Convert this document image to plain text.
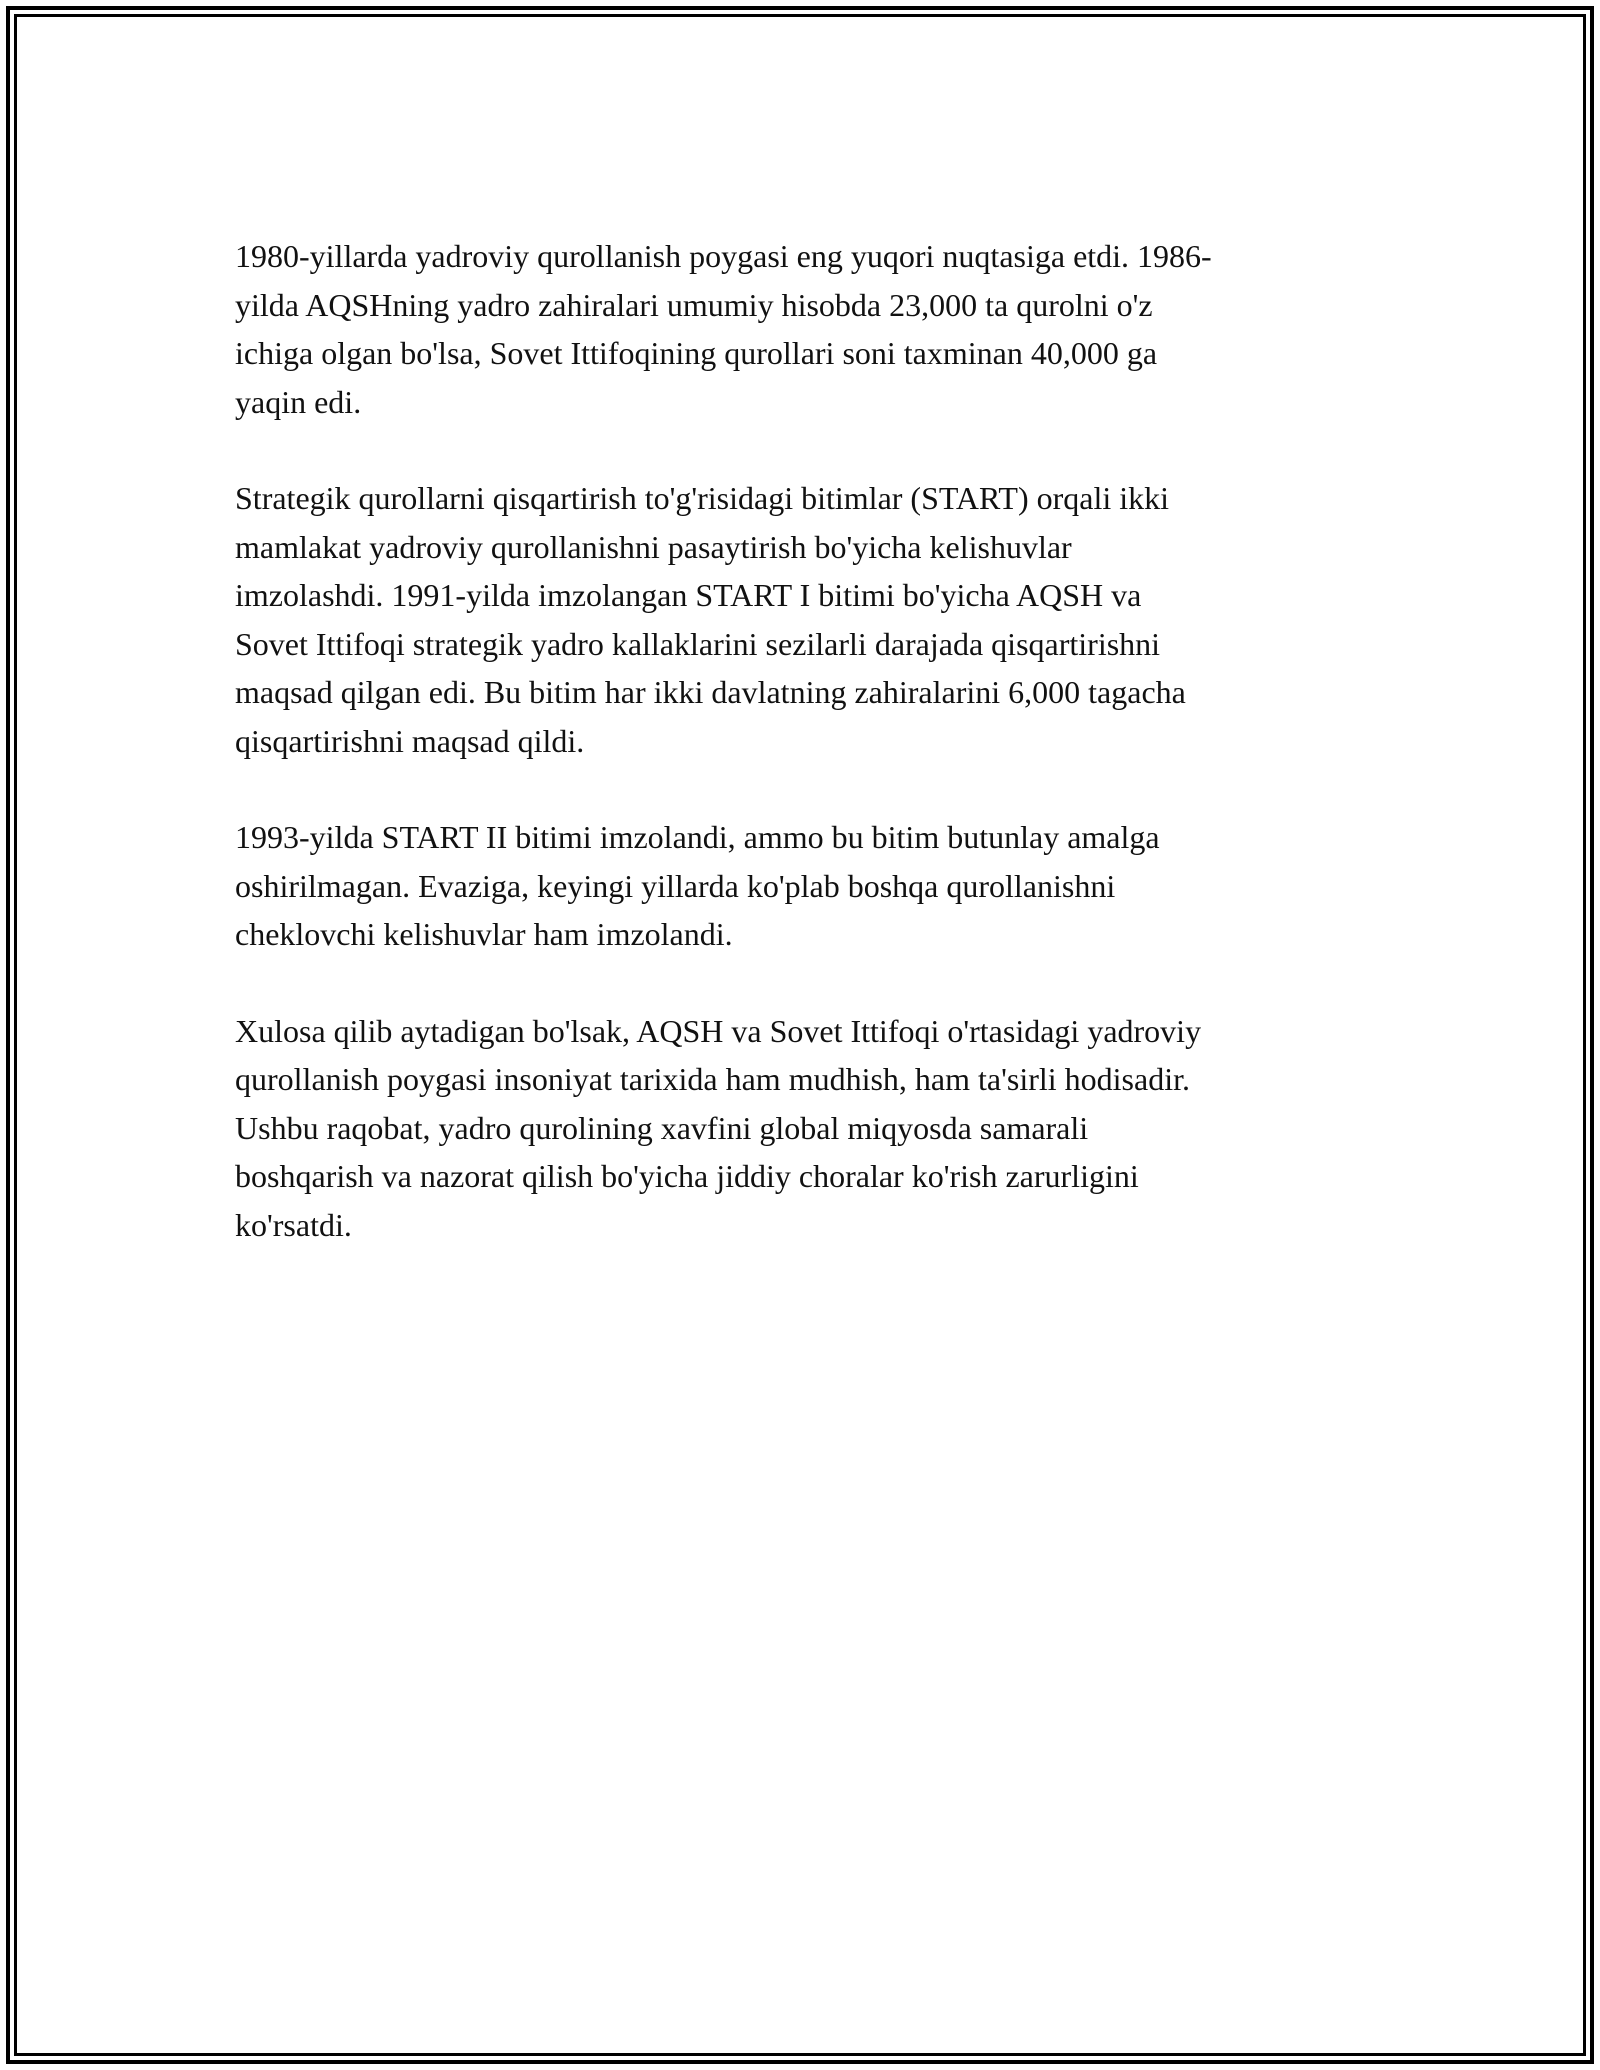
1980-yillarda yadroviy qurollanish poygasi eng yuqori nuqtasiga etdi. 1986-
yilda AQSHning yadro zahiralari umumiy hisobda 23,000 ta qurolni o'z
ichiga olgan bo'lsa, Sovet Ittifoqining qurollari soni taxminan 40,000 ga
yaqin edi.

Strategik qurollarni qisqartirish to'g'risidagi bitimlar (START) orqali ikki
mamlakat yadroviy qurollanishni pasaytirish bo'yicha kelishuvlar
imzolashdi. 1991-yilda imzolangan START I bitimi bo'yicha AQSH va
Sovet Ittifoqi strategik yadro kallaklarini sezilarli darajada qisqartirishni
maqsad qilgan edi. Bu bitim har ikki davlatning zahiralarini 6,000 tagacha
qisqartirishni maqsad qildi.

1993-yilda START II bitimi imzolandi, ammo bu bitim butunlay amalga
oshirilmagan. Evaziga, keyingi yillarda ko'plab boshqa qurollanishni
cheklovchi kelishuvlar ham imzolandi.

Xulosa qilib aytadigan bo'lsak, AQSH va Sovet Ittifoqi o'rtasidagi yadroviy
qurollanish poygasi insoniyat tarixida ham mudhish, ham ta'sirli hodisadir.
Ushbu raqobat, yadro qurolining xavfini global miqyosda samarali
boshqarish va nazorat qilish bo'yicha jiddiy choralar ko'rish zarurligini
ko'rsatdi.
